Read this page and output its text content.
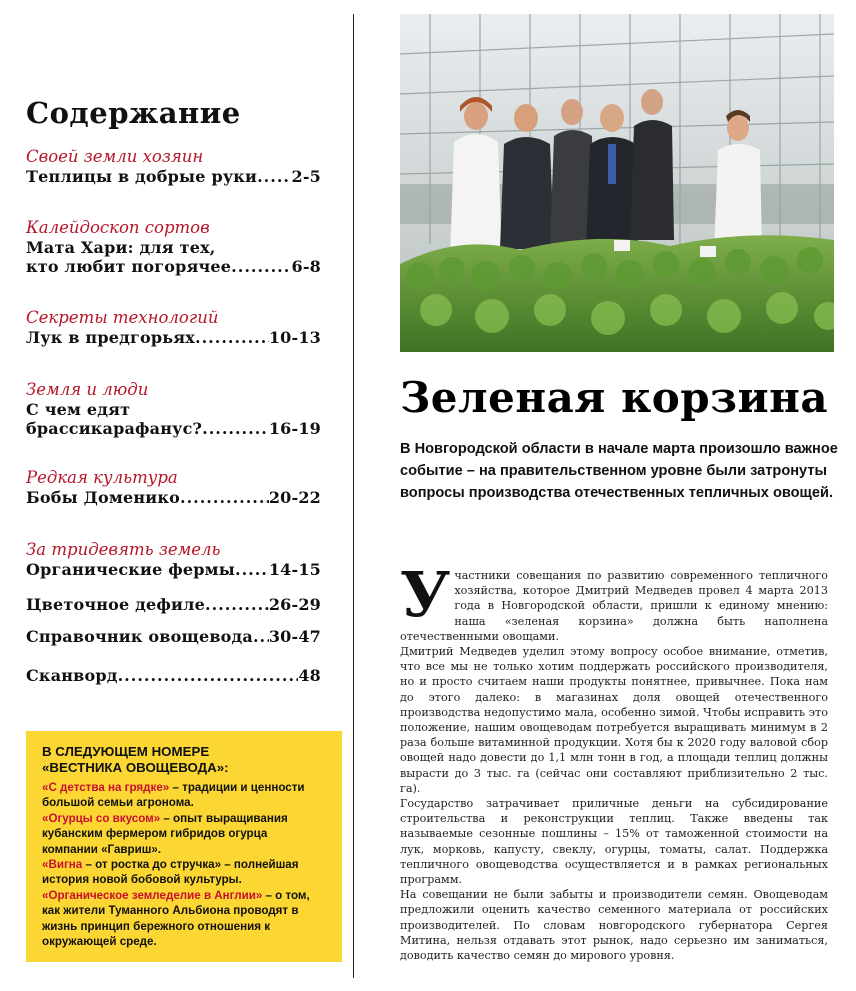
Содержание
Своей земли хозяин
Теплицы в добрые руки ..... 2-5
Калейдоскоп сортов
Мата Хари: для тех,
кто любит погорячее .....	6-8
Секреты технологий
Лук в предгорьях .....	10-13
Земля и люди
С чем едят
брассикарафанус? .....	16-19
Редкая культура
Бобы Доменико .....	20-22
За тридевять земель
Органические фермы ..... 14-15
Цветочное дефиле .....	26-29
Справочник овощевода ..... 30-47
Сканворд .....	48
В СЛЕДУЮЩЕМ НОМЕРЕ
«ВЕСТНИКА ОВОЩЕВОДА»:
«С детства на грядке» – традиции и ценности большой семьи агронома.
«Огурцы со вкусом» – опыт выращивания кубанским фермером гибридов огурца компании «Гавриш».
«Вигна – от ростка до стручка» – полнейшая история новой бобовой культуры.
«Органическое земледелие в Англии» – о том, как жители Туманного Альбиона проводят в жизнь принцип бережного отношения к окружающей среде.
Зеленая корзина
В Новгородской области в начале марта произошло важное событие – на правительственном уровне были затронуты вопросы производства отечественных тепличных овощей.

Участники совещания по развитию современного тепличного хозяйства, которое Дмитрий Медведев провел 4 марта 2013 года в Новгородской области, пришли к единому мнению: наша «зеленая корзина» должна быть наполнена отечественными овощами.

Дмитрий Медведев уделил этому вопросу особое внимание, отметив, что все мы не только хотим поддержать российского производителя, но и просто считаем наши продукты понятнее, привычнее. Пока нам до этого далеко: в магазинах доля овощей отечественного производства недопустимо мала, особенно зимой. Чтобы исправить это положение, нашим овощеводам потребуется выращивать минимум в 2 раза больше витаминной продукции. Хотя бы к 2020 году валовой сбор овощей надо довести до 1,1 млн тонн в год, а площади теплиц должны вырасти до 3 тыс. га (сейчас они составляют приблизительно 2 тыс. га).

Государство затрачивает приличные деньги на субсидирование строительства и реконструкции теплиц. Также введены так называемые сезонные пошлины – 15% от таможенной стоимости на лук, морковь, капусту, свеклу, огурцы, томаты, салат. Поддержка тепличного овощеводства осуществляется и в рамках региональных программ.

На совещании не были забыты и производители семян. Овощеводам предложили оценить качество семенного материала от российских производителей. По словам новгородского губернатора Сергея Митина, нельзя отдавать этот рынок, надо серьезно им заниматься, доводить качество семян до мирового уровня.
